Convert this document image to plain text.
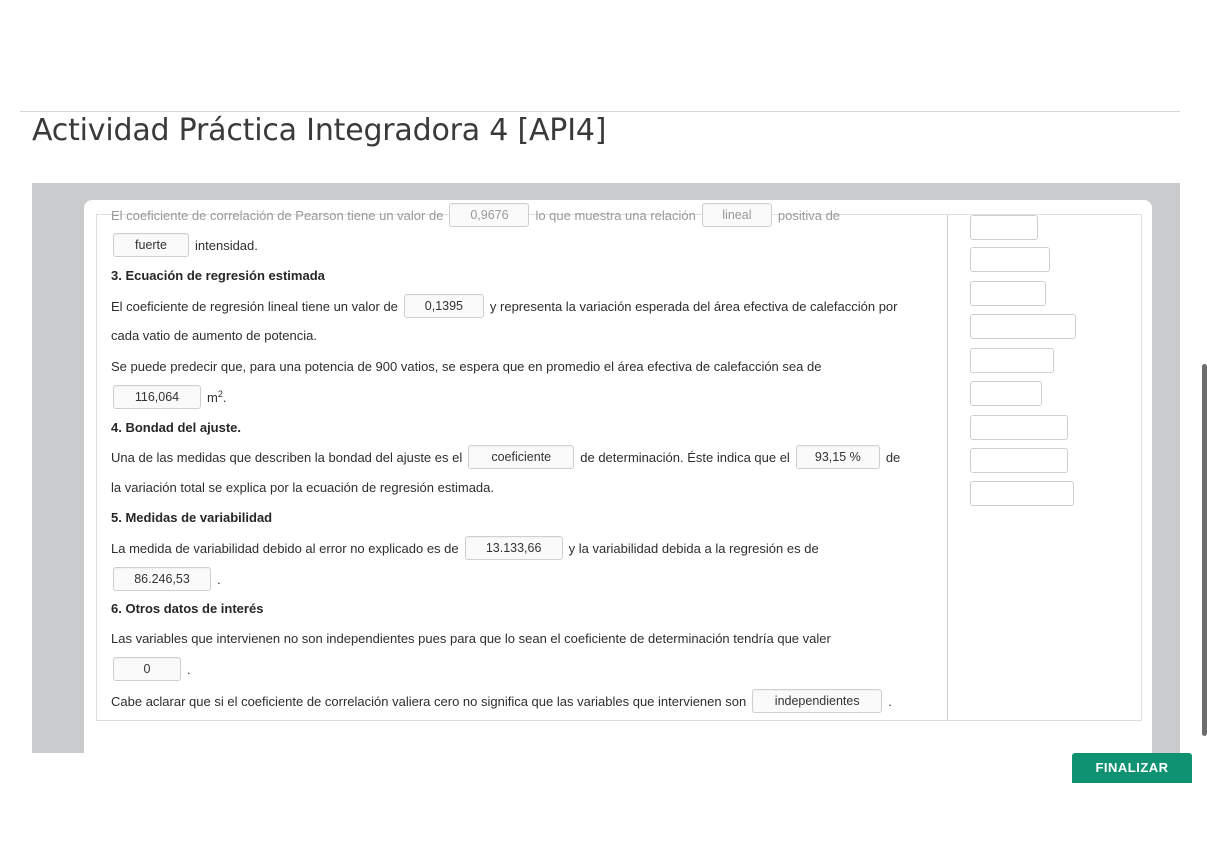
Actividad Práctica Integradora 4 [API4]
El coeficiente de correlación de Pearson tiene un valor de	0,9676	lo que muestra una relación	lineal	positiva de
fuerte	intensidad.
3. Ecuación de regresión estimada
El coeficiente de regresión lineal tiene un valor de	0,1395	y representa la variación esperada del área efectiva de calefacción por
cada vatio de aumento de potencia.
Se puede predecir que, para una potencia de 900 vatios, se espera que en promedio el área efectiva de calefacción sea de
116,064	$m^2$ .
4. Bondad del ajuste.
Una de las medidas que describen la bondad del ajuste es el	coeficiente	de determinación. Éste indica que el	93,15 %	de
la variación total se explica por la ecuación de regresión estimada.
5. Medidas de variabilidad
La medida de variabilidad debido al error no explicado es de	13.133,66	y la variabilidad debida a la regresión es de
86.246,53	.
6. Otros datos de interés
Las variables que intervienen no son independientes pues para que lo sean el coeficiente de determinación tendría que valer
0	.
Cabe aclarar que si el coeficiente de correlación valiera cero no significa que las variables que intervienen son	independientes	.
FINALIZAR
